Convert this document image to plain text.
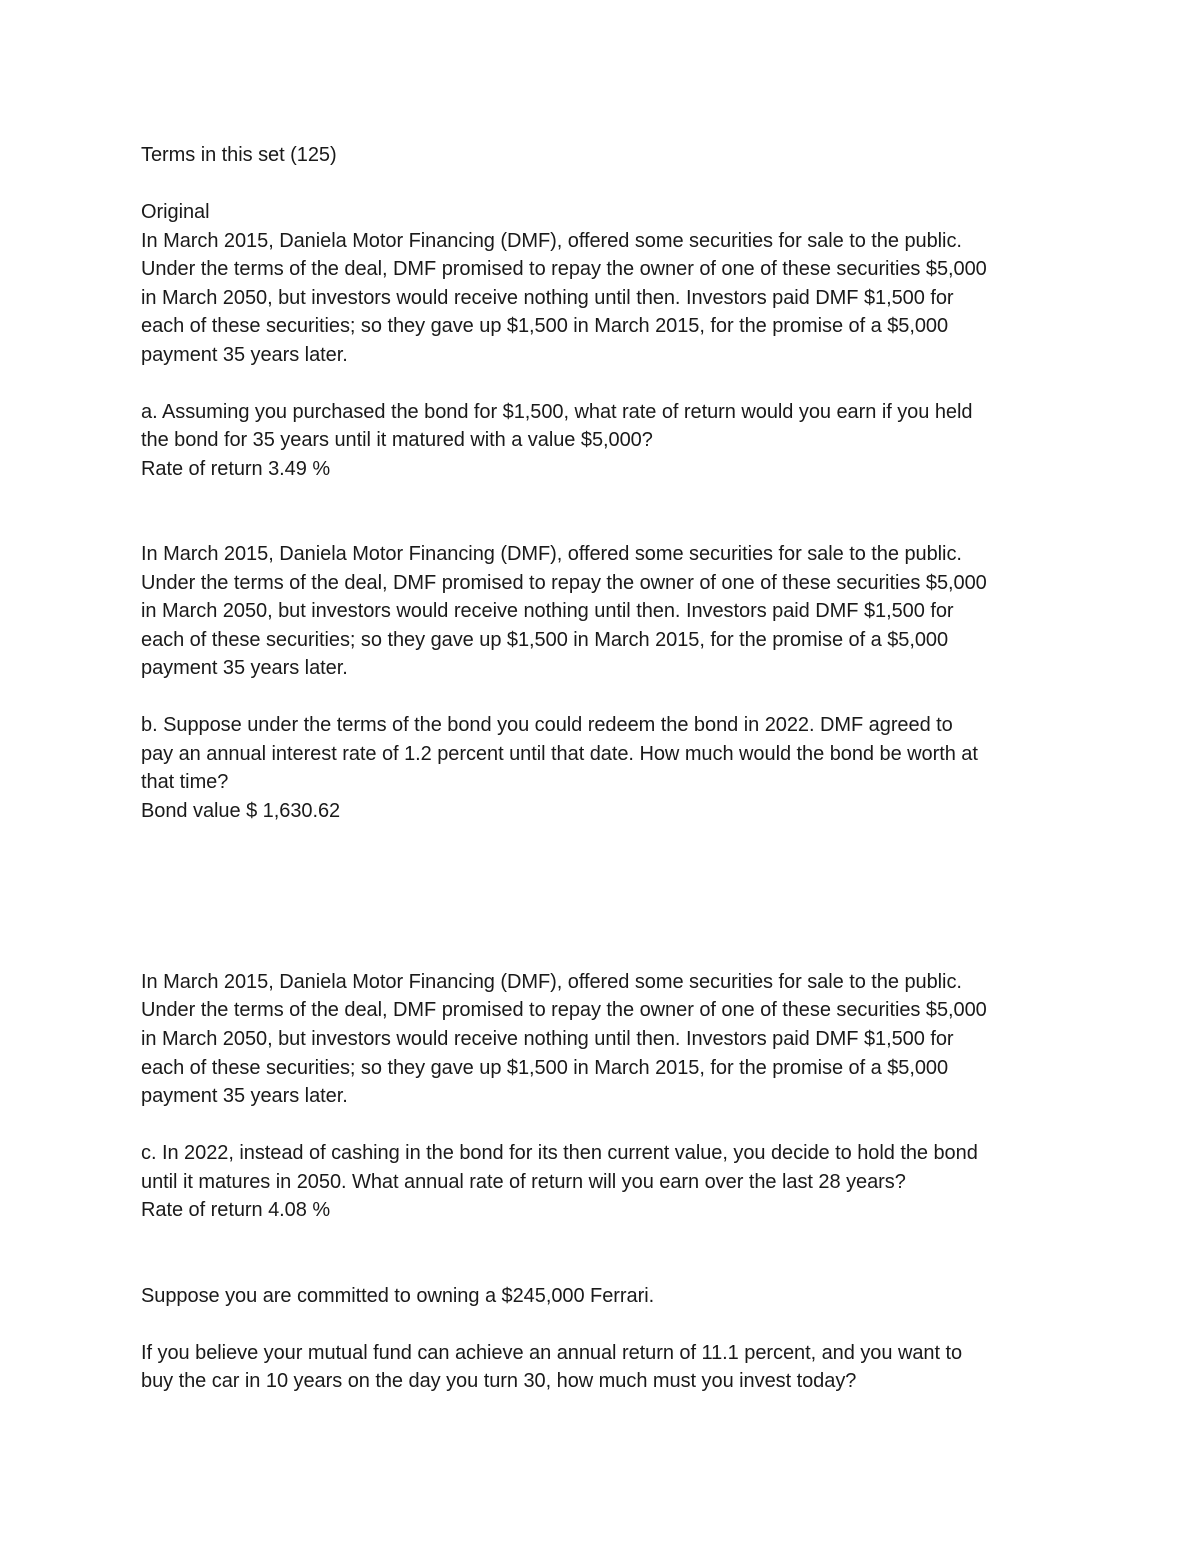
Terms in this set (125)
Original
In March 2015, Daniela Motor Financing (DMF), offered some securities for sale to the public.
Under the terms of the deal, DMF promised to repay the owner of one of these securities $5,000
in March 2050, but investors would receive nothing until then. Investors paid DMF $1,500 for
each of these securities; so they gave up $1,500 in March 2015, for the promise of a $5,000
payment 35 years later.
a. Assuming you purchased the bond for $1,500, what rate of return would you earn if you held
the bond for 35 years until it matured with a value $5,000?
Rate of return 3.49 %
In March 2015, Daniela Motor Financing (DMF), offered some securities for sale to the public.
Under the terms of the deal, DMF promised to repay the owner of one of these securities $5,000
in March 2050, but investors would receive nothing until then. Investors paid DMF $1,500 for
each of these securities; so they gave up $1,500 in March 2015, for the promise of a $5,000
payment 35 years later.
b. Suppose under the terms of the bond you could redeem the bond in 2022. DMF agreed to
pay an annual interest rate of 1.2 percent until that date. How much would the bond be worth at
that time?
Bond value $ 1,630.62
In March 2015, Daniela Motor Financing (DMF), offered some securities for sale to the public.
Under the terms of the deal, DMF promised to repay the owner of one of these securities $5,000
in March 2050, but investors would receive nothing until then. Investors paid DMF $1,500 for
each of these securities; so they gave up $1,500 in March 2015, for the promise of a $5,000
payment 35 years later.
c. In 2022, instead of cashing in the bond for its then current value, you decide to hold the bond
until it matures in 2050. What annual rate of return will you earn over the last 28 years?
Rate of return 4.08 %
Suppose you are committed to owning a $245,000 Ferrari.
If you believe your mutual fund can achieve an annual return of 11.1 percent, and you want to
buy the car in 10 years on the day you turn 30, how much must you invest today?
